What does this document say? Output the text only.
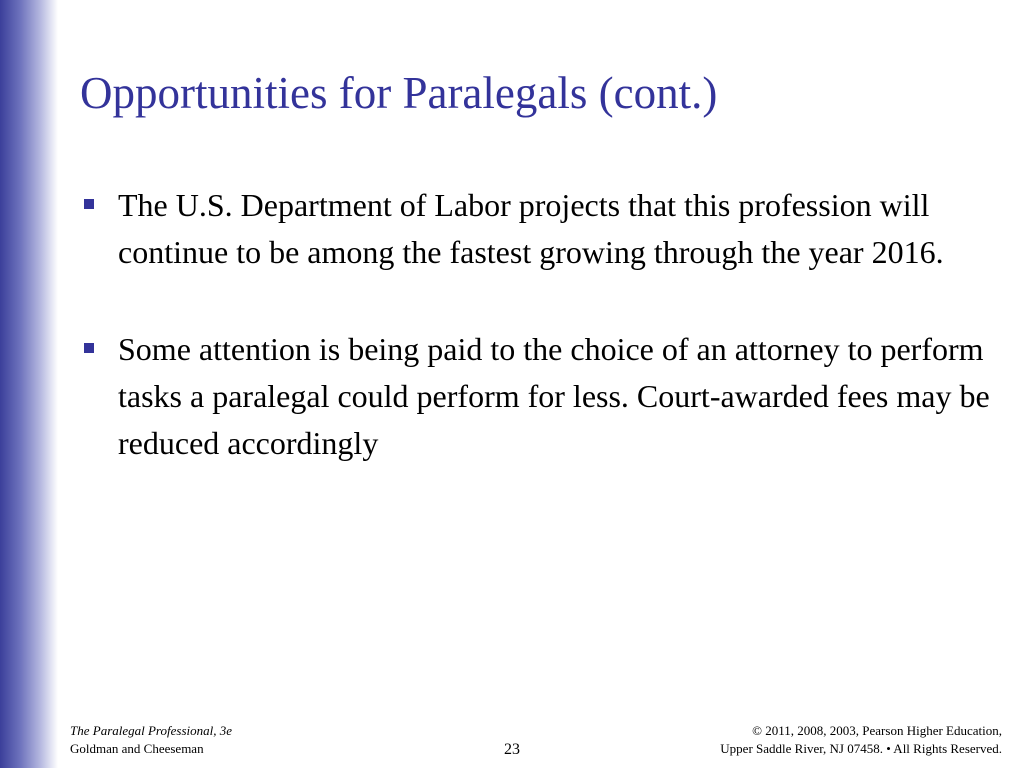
Opportunities for Paralegals (cont.)
The U.S. Department of Labor projects that this profession will continue to be among the fastest growing through the year 2016.
Some attention is being paid to the choice of an attorney to perform tasks a paralegal could perform for less. Court-awarded fees may be reduced accordingly
The Paralegal Professional, 3e
Goldman and Cheeseman	23
© 2011, 2008, 2003, Pearson Higher Education,
Upper Saddle River, NJ 07458. • All Rights Reserved.
